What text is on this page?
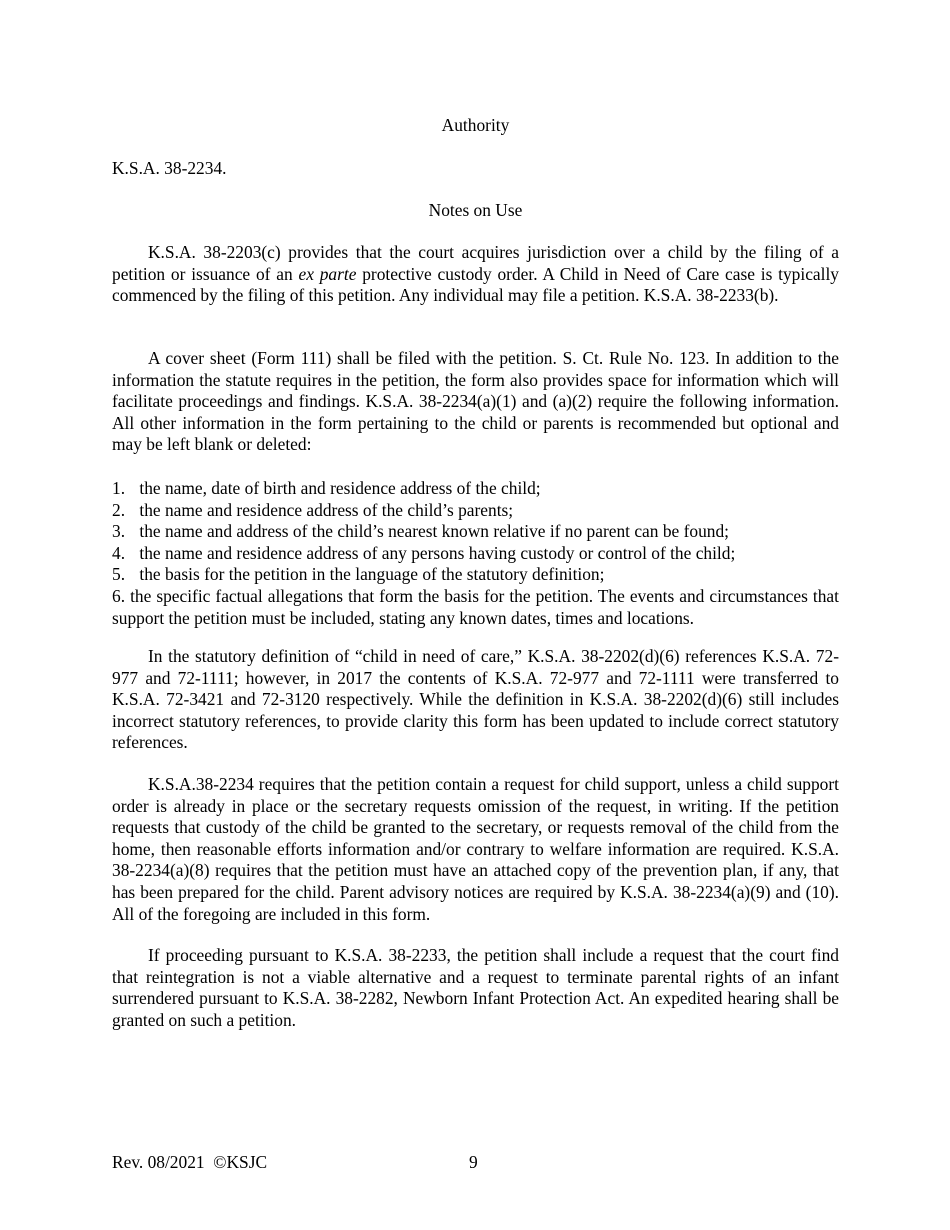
Authority
K.S.A. 38-2234.
Notes on Use

K.S.A. 38-2203(c) provides that the court acquires jurisdiction over a child by the filing of a petition or issuance of an ex parte protective custody order. A Child in Need of Care case is typically commenced by the filing of this petition. Any individual may file a petition. K.S.A. 38-2233(b).

A cover sheet (Form 111) shall be filed with the petition. S. Ct. Rule No. 123. In addition to the information the statute requires in the petition, the form also provides space for information which will facilitate proceedings and findings. K.S.A. 38-2234(a)(1) and (a)(2) require the following information. All other information in the form pertaining to the child or parents is recommended but optional and may be left blank or deleted:

1. the name, date of birth and residence address of the child;
2. the name and residence address of the child’s parents;
3. the name and address of the child’s nearest known relative if no parent can be found;
4. the name and residence address of any persons having custody or control of the child;
5. the basis for the petition in the language of the statutory definition;
6. the specific factual allegations that form the basis for the petition. The events and circumstances that support the petition must be included, stating any known dates, times and locations.

In the statutory definition of “child in need of care,” K.S.A. 38-2202(d)(6) references K.S.A. 72-977 and 72-1111; however, in 2017 the contents of K.S.A. 72-977 and 72-1111 were transferred to K.S.A. 72-3421 and 72-3120 respectively. While the definition in K.S.A. 38-2202(d)(6) still includes incorrect statutory references, to provide clarity this form has been updated to include correct statutory references.

K.S.A.38-2234 requires that the petition contain a request for child support, unless a child support order is already in place or the secretary requests omission of the request, in writing. If the petition requests that custody of the child be granted to the secretary, or requests removal of the child from the home, then reasonable efforts information and/or contrary to welfare information are required. K.S.A. 38-2234(a)(8) requires that the petition must have an attached copy of the prevention plan, if any, that has been prepared for the child. Parent advisory notices are required by K.S.A. 38-2234(a)(9) and (10). All of the foregoing are included in this form.

If proceeding pursuant to K.S.A. 38-2233, the petition shall include a request that the court find that reintegration is not a viable alternative and a request to terminate parental rights of an infant surrendered pursuant to K.S.A. 38-2282, Newborn Infant Protection Act. An expedited hearing shall be granted on such a petition.

Rev. 08/2021  ©KSJC	9
